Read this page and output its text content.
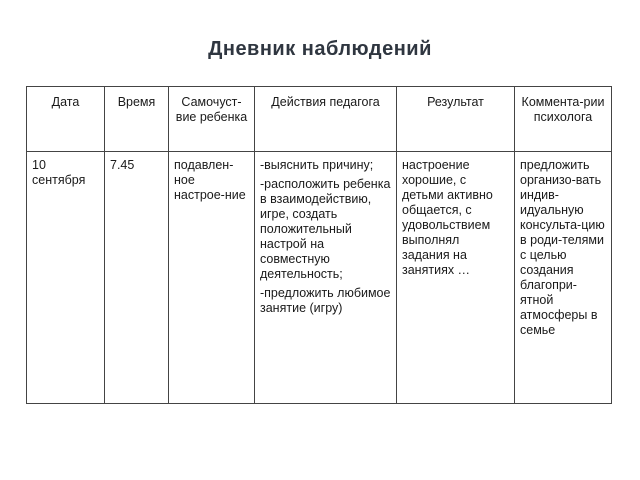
Дневник наблюдений
Дата	Время	Самочуст-вие ребенка	Действия педагога	Результат	Коммента-рии психолога
10 сентября	7.45	подавлен-ное настрое-ние	-выяснить причину;

-расположить ребенка в взаимодействию, игре, создать положительный настрой на совместную деятельность;

-предложить любимое занятие (игру)	настроение хорошие, с детьми активно общается, с удовольствием выполнял задания на занятиях …	предложить организо-вать индив-идуальную консульта-цию в роди-телями с целью создания благопри-ятной атмосферы в семье
